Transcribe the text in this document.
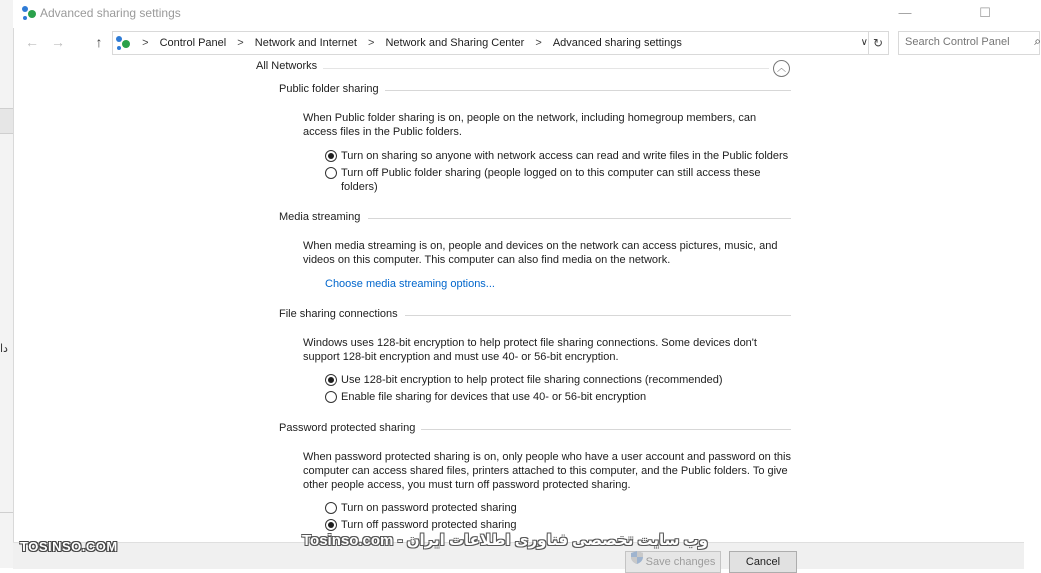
دا
Advanced sharing settings	—	☐
← →	↑	> Control Panel > Network and Internet > Network and Sharing Center > Advanced sharing settings	∨ ↻
Search Control Panel	⌕
All Networks	︿
Public folder sharing
When Public folder sharing is on, people on the network, including homegroup members, can access files in the Public folders.
Turn on sharing so anyone with network access can read and write files in the Public folders
Turn off Public folder sharing (people logged on to this computer can still access these folders)
Media streaming
When media streaming is on, people and devices on the network can access pictures, music, and videos on this computer. This computer can also find media on the network.
Choose media streaming options...
File sharing connections
Windows uses 128-bit encryption to help protect file sharing connections. Some devices don't support 128-bit encryption and must use 40- or 56-bit encryption.
Use 128-bit encryption to help protect file sharing connections (recommended)
Enable file sharing for devices that use 40- or 56-bit encryption
Password protected sharing
When password protected sharing is on, only people who have a user account and password on this computer can access shared files, printers attached to this computer, and the Public folders. To give other people access, you must turn off password protected sharing.
Turn on password protected sharing
Turn off password protected sharing
Save changes	Cancel
TOSINSO.COM	وب سایت تخصصی فناوری اطلاعات ایران - Tosinso.com
